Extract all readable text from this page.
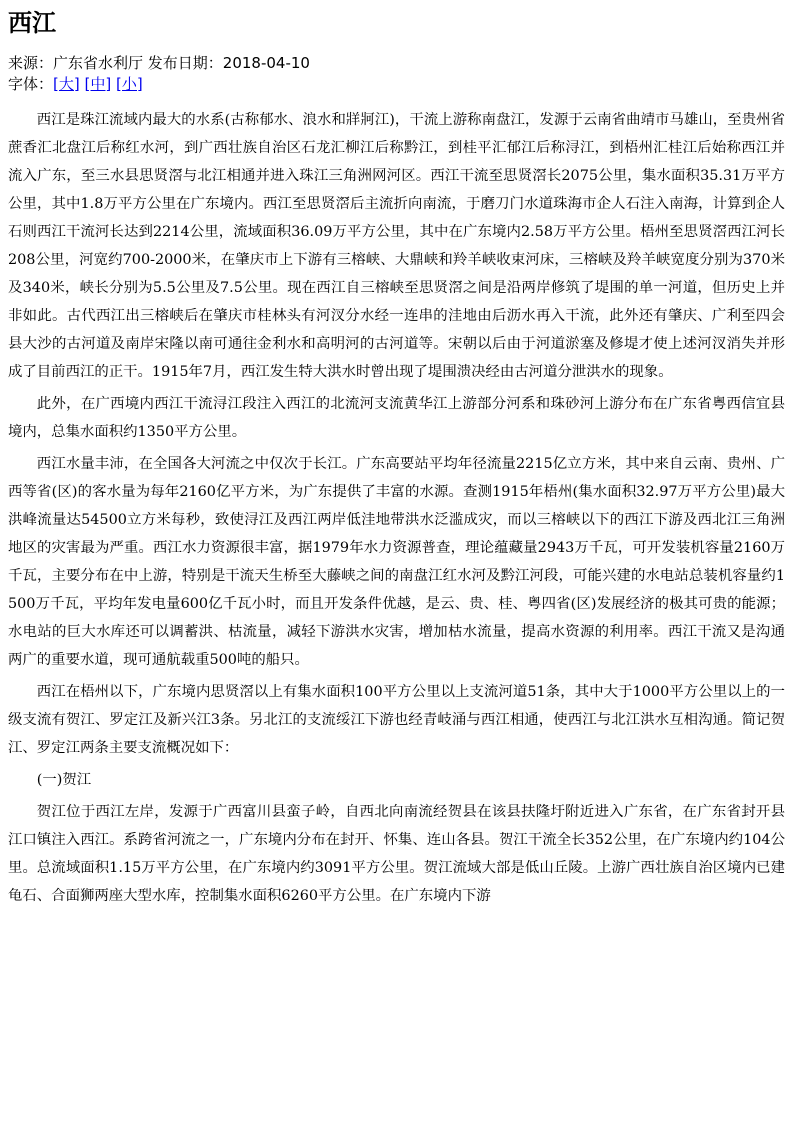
西江
来源：广东省水利厅 发布日期：2018-04-10
字体：[大] [中] [小]

西江是珠江流域内最大的水系(古称郁水、浪水和牂牁江)，干流上游称南盘江，发源于云南省曲靖市马雄山，至贵州省蔗香汇北盘江后称红水河，到广西壮族自治区石龙汇柳江后称黔江，到桂平汇郁江后称浔江，到梧州汇桂江后始称西江并流入广东，至三水县思贤滘与北江相通并进入珠江三角洲网河区。西江干流至思贤滘长2075公里，集水面积35.31万平方公里，其中1.8万平方公里在广东境内。西江至思贤滘后主流折向南流，于磨刀门水道珠海市企人石注入南海，计算到企人石则西江干流河长达到2214公里，流域面积36.09万平方公里，其中在广东境内2.58万平方公里。梧州至思贤滘西江河长208公里，河宽约700-2000米，在肇庆市上下游有三榕峡、大鼎峡和羚羊峡收束河床，三榕峡及羚羊峡宽度分别为370米及340米，峡长分别为5.5公里及7.5公里。现在西江自三榕峡至思贤滘之间是沿两岸修筑了堤围的单一河道，但历史上并非如此。古代西江出三榕峡后在肇庆市桂林头有河汊分水经一连串的洼地由后沥水再入干流，此外还有肇庆、广利至四会县大沙的古河道及南岸宋隆以南可通往金利水和高明河的古河道等。宋朝以后由于河道淤塞及修堤才使上述河汊消失并形成了目前西江的正干。1915年7月，西江发生特大洪水时曾出现了堤围溃决经由古河道分泄洪水的现象。

此外，在广西境内西江干流浔江段注入西江的北流河支流黄华江上游部分河系和珠砂河上游分布在广东省粤西信宜县境内，总集水面积约1350平方公里。

西江水量丰沛，在全国各大河流之中仅次于长江。广东高要站平均年径流量2215亿立方米，其中来自云南、贵州、广西等省(区)的客水量为每年2160亿平方米，为广东提供了丰富的水源。查测1915年梧州(集水面积32.97万平方公里)最大洪峰流量达54500立方米每秒，致使浔江及西江两岸低洼地带洪水泛滥成灾，而以三榕峡以下的西江下游及西北江三角洲地区的灾害最为严重。西江水力资源很丰富，据1979年水力资源普查，理论蕴藏量2943万千瓦，可开发装机容量2160万千瓦，主要分布在中上游，特别是干流天生桥至大藤峡之间的南盘江红水河及黔江河段，可能兴建的水电站总装机容量约1500万千瓦，平均年发电量600亿千瓦小时，而且开发条件优越，是云、贵、桂、粤四省(区)发展经济的极其可贵的能源；水电站的巨大水库还可以调蓄洪、枯流量，减轻下游洪水灾害，增加枯水流量，提高水资源的利用率。西江干流又是沟通两广的重要水道，现可通航载重500吨的船只。

西江在梧州以下，广东境内思贤滘以上有集水面积100平方公里以上支流河道51条，其中大于1000平方公里以上的一级支流有贺江、罗定江及新兴江3条。另北江的支流绥江下游也经青岐涌与西江相通，使西江与北江洪水互相沟通。简记贺江、罗定江两条主要支流概况如下：

(一)贺江

贺江位于西江左岸，发源于广西富川县蛮子岭，自西北向南流经贺县在该县扶隆圩附近进入广东省，在广东省封开县江口镇注入西江。系跨省河流之一，广东境内分布在封开、怀集、连山各县。贺江干流全长352公里，在广东境内约104公里。总流域面积1.15万平方公里，在广东境内约3091平方公里。贺江流域大部是低山丘陵。上游广西壮族自治区境内已建龟石、合面狮两座大型水库，控制集水面积6260平方公里。在广东境内下游
